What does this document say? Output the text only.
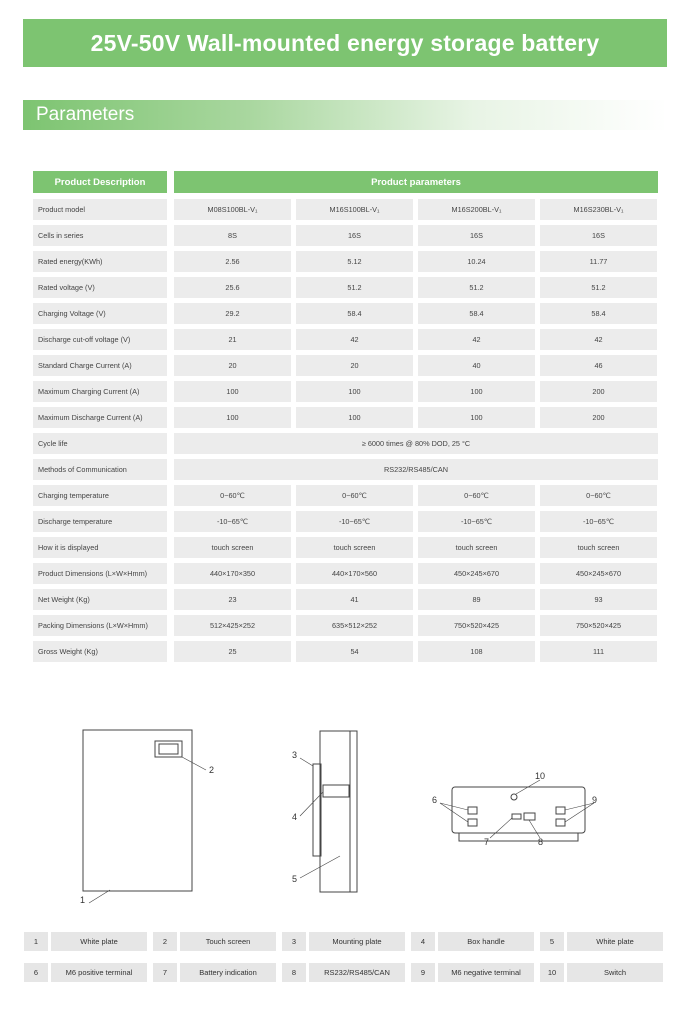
25V-50V Wall-mounted energy storage battery
Parameters
Product Description	Product parameters
Product model	M08S100BL-V₁	M16S100BL-V₁	M16S200BL-V₁	M16S230BL-V₁
Cells in series	8S	16S	16S	16S
Rated energy(KWh)	2.56	5.12	10.24	11.77
Rated voltage (V)	25.6	51.2	51.2	51.2
Charging Voltage (V)	29.2	58.4	58.4	58.4
Discharge cut-off voltage (V)	21	42	42	42
Standard Charge Current (A)	20	20	40	46
Maximum Charging Current (A)	100	100	100	200
Maximum Discharge Current (A)	100	100	100	200
Cycle life	≥ 6000 times @ 80% DOD, 25 °C
Methods of Communication	RS232/RS485/CAN
Charging temperature	0~60℃	0~60℃	0~60℃	0~60℃
Discharge temperature	-10~65℃	-10~65℃	-10~65℃	-10~65℃
How it is displayed	touch screen	touch screen	touch screen	touch screen
Product Dimensions (L×W×Hmm)	440×170×350	440×170×560	450×245×670	450×245×670
Net Weight (Kg)	23	41	89	93
Packing Dimensions (L×W×Hmm)	512×425×252	635×512×252	750×520×425	750×520×425
Gross Weight (Kg)	25	54	108	111
1
2
3
4
5
6
7	8
9
10
1	White plate	2	Touch screen	3	Mounting plate	4	Box handle	5	White plate
6	M6 positive terminal	7	Battery indication	8	RS232/RS485/CAN	9	M6 negative terminal	10	Switch
